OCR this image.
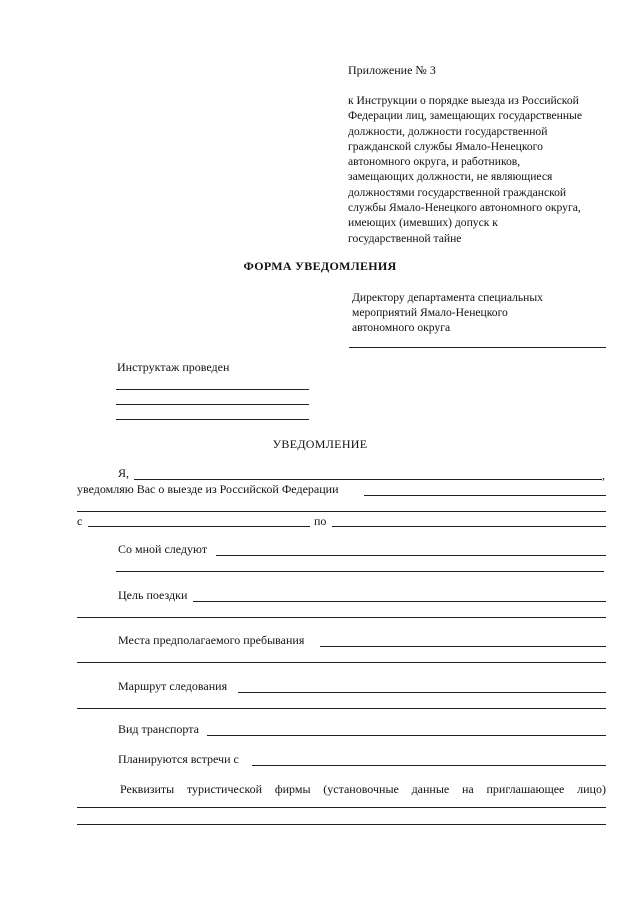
Приложение № 3
к Инструкции о порядке выезда из Российской
Федерации лиц, замещающих государственные
должности, должности государственной
гражданской службы Ямало-Ненецкого
автономного округа, и работников,
замещающих должности, не являющиеся
должностями государственной гражданской
службы Ямало-Ненецкого автономного округа,
имеющих (имевших) допуск к
государственной тайне
ФОРМА УВЕДОМЛЕНИЯ
Директору департамента специальных
мероприятий Ямало-Ненецкого
автономного округа
Инструктаж проведен
УВЕДОМЛЕНИЕ
Я,	,
уведомляю Вас о выезде из Российской Федерации
с	по
Со мной следуют
Цель поездки
Места предполагаемого пребывания
Маршрут следования
Вид транспорта
Планируются встречи с
Реквизиты туристической фирмы (установочные данные на приглашающее лицо)
